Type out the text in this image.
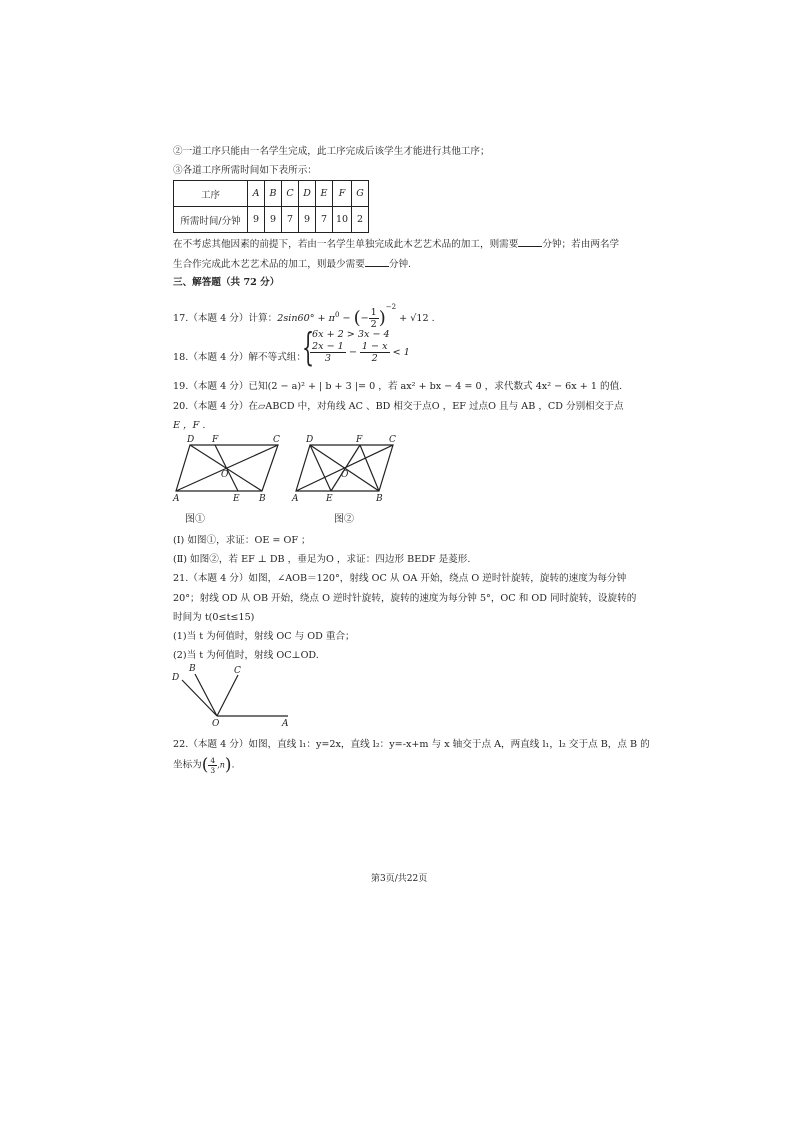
②一道工序只能由一名学生完成，此工序完成后该学生才能进行其他工序；
③各道工序所需时间如下表所示：
工序	A	B	C	D	E	F	G
所需时间/分钟	9	9	7	9	7	10	2
在不考虑其他因素的前提下，若由一名学生单独完成此木艺艺术品的加工，则需要	分钟；若由两名学
生合作完成此木艺艺术品的加工，则最少需要	分钟.
三、解答题（共 72 分）
17.（本题 4 分）计算：$2\sin 60^\circ + \pi^0$ − (− $\frac{1}{2} )^{-2} + √12$ .
18.（本题 4 分）解不等式组：
{
6x + 2 > 3x − 4
$\frac{2x - 1}{3} - \frac{1 - x}{2} < 1$
19.（本题 4 分）已知(2 − a)² + | b + 3 |= 0 ，若 ax² + bx − 4 = 0 ，求代数式 4x² − 6x + 1 的值.
20.（本题 4 分）在▱ABCD 中，对角线 AC 、BD 相交于点O ，EF 过点O 且与 AB ，CD 分别相交于点
E ，F .
D F	C
O
A	E B
D	F	C
O
A	E	B
图①	图②
(Ⅰ) 如图①，求证：OE = OF ；
(Ⅱ) 如图②，若 EF ⊥ DB ，垂足为O ，求证：四边形 BEDF 是菱形.
21.（本题 4 分）如图，∠AOB＝120°，射线 OC 从 OA 开始，绕点 O 逆时针旋转，旋转的速度为每分钟
20°；射线 OD 从 OB 开始，绕点 O 逆时针旋转，旋转的速度为每分钟 5°，OC 和 OD 同时旋转，设旋转的
时间为 t(0≤t≤15)
(1)当 t 为何值时，射线 OC 与 OD 重合；
(2)当 t 为何值时，射线 OC⊥OD.
B	C
D
O	A
22.（本题 4 分）如图，直线 l₁：y=2x，直线 l₂：y=-x+m 与 x 轴交于点 A，两直线 l₁，l₂ 交于点 B，点 B 的
坐标为( $\frac{4}{3} ,n$).
第3页/共22页
